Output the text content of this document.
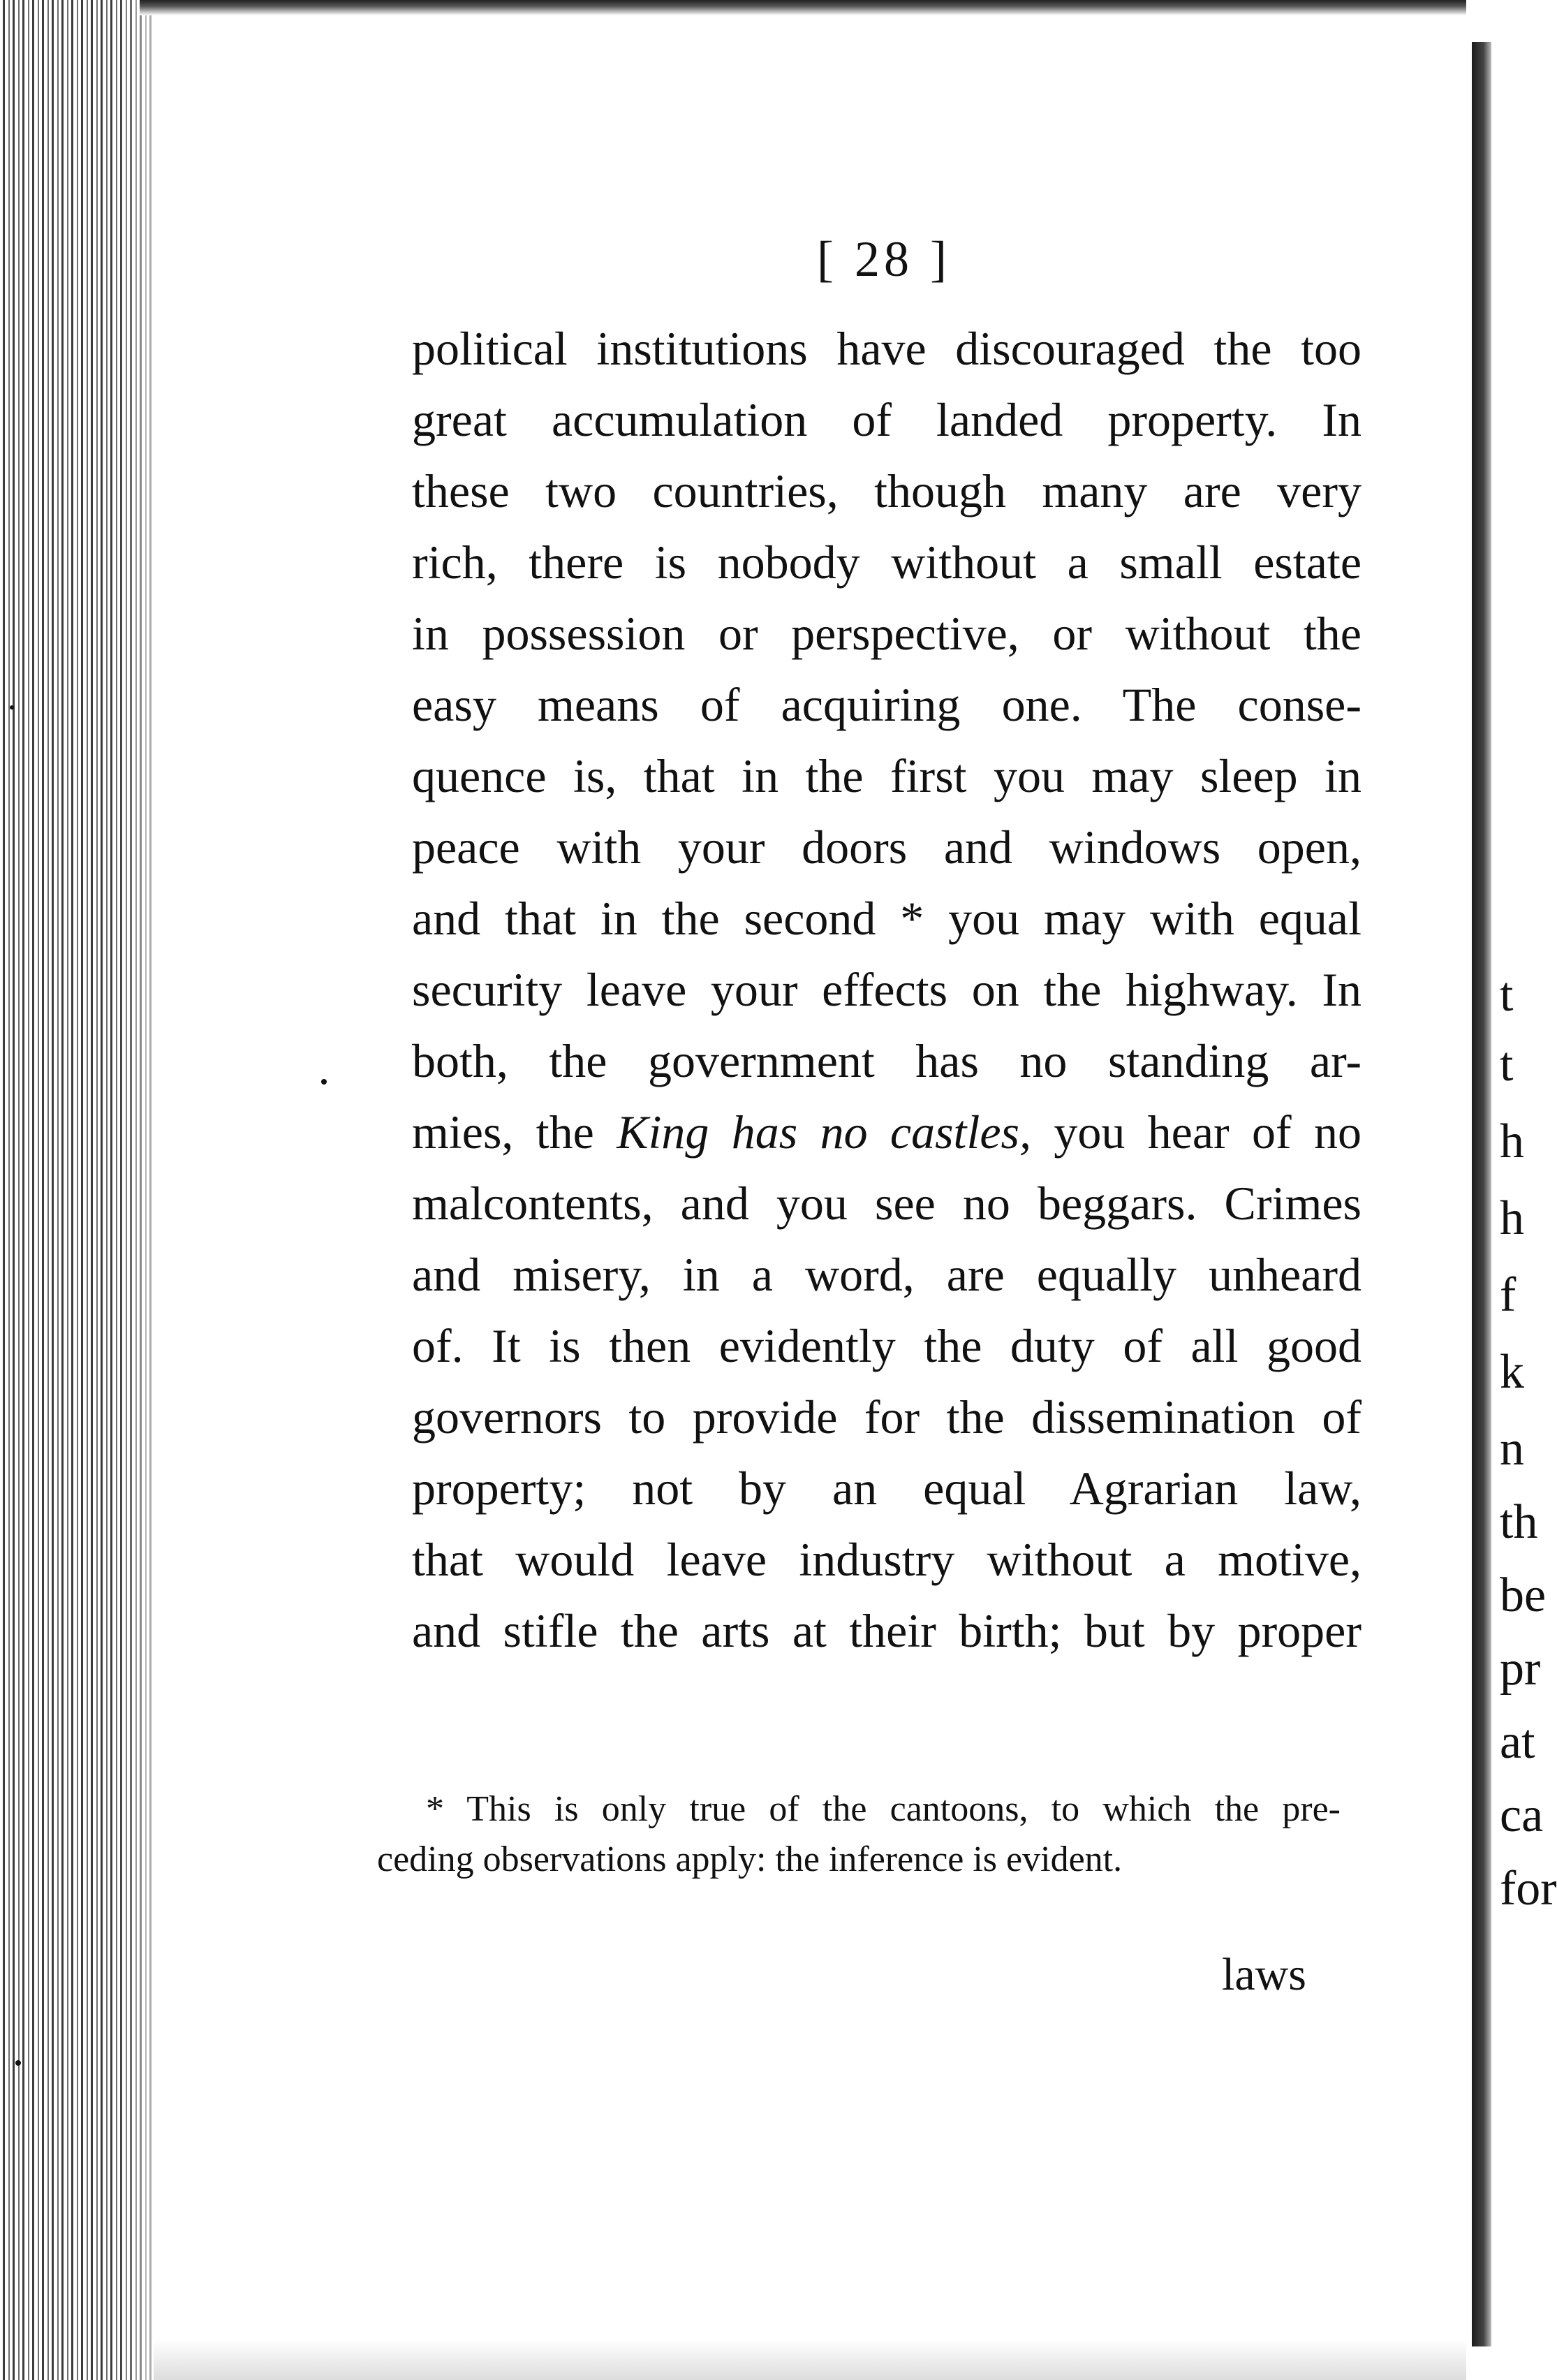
t
t
h
h
f
k
n
th
be
pr
at
ca
for
[ 28 ]
political institutions have discouraged the too
great accumulation of landed property. In
these two countries, though many are very
rich, there is nobody without a small estate
in possession or perspective, or without the
easy means of acquiring one. The conse-
quence is, that in the first you may sleep in
peace with your doors and windows open,
and that in the second * you may with equal
security leave your effects on the highway. In
both, the government has no standing ar-
mies, the King has no castles, you hear of no
malcontents, and you see no beggars. Crimes
and misery, in a word, are equally unheard
of. It is then evidently the duty of all good
governors to provide for the dissemination of
property; not by an equal Agrarian law,
that would leave industry without a motive,
and stifle the arts at their birth; but by proper
* This is only true of the cantoons, to which the pre-
ceding observations apply: the inference is evident.
laws
